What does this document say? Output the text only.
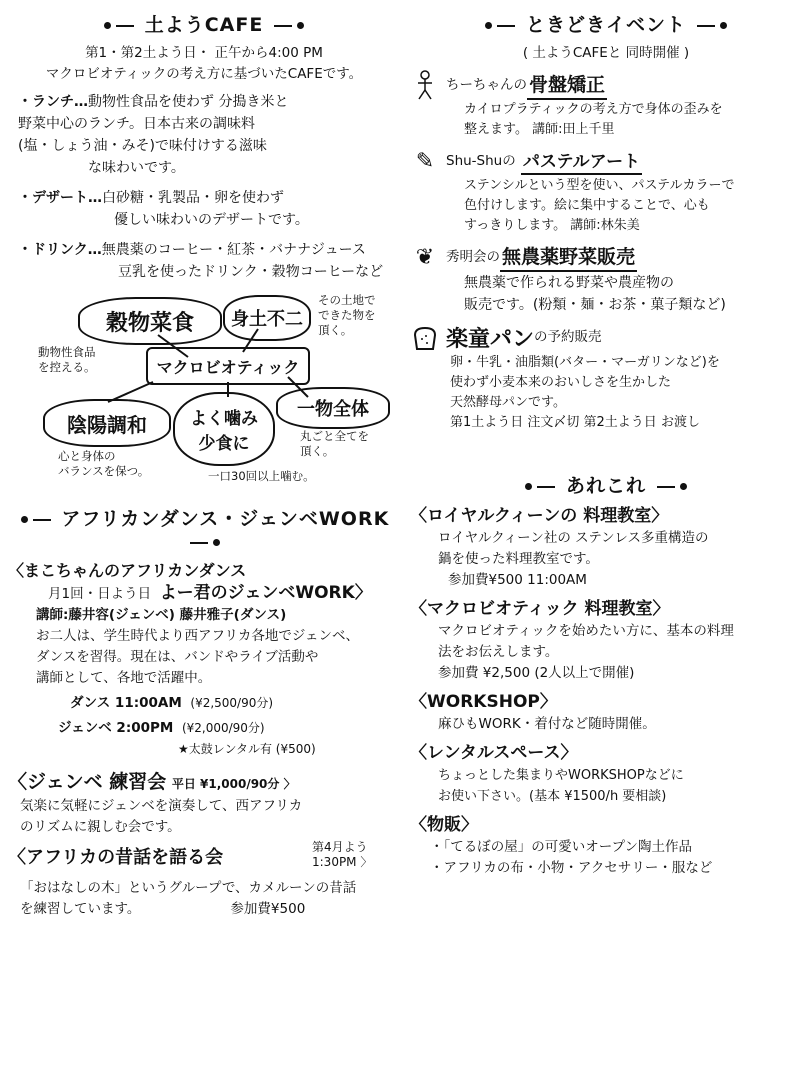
土ようCAFE
第1・第2土よう日・ 正午から4:00 PM
マクロビオティックの考え方に基づいたCAFEです。
・ランチ…動物性食品を使わず 分搗き米と
野菜中心のランチ。日本古来の調味料
(塩・しょう油・みそ)で味付けする滋味
な味わいです。
・デザート…白砂糖・乳製品・卵を使わず
優しい味わいのデザートです。
・ドリンク…無農薬のコーヒー・紅茶・バナナジュース
豆乳を使ったドリンク・穀物コーヒーなど
穀物菜食	身土不二
マクロビオティック
陰陽調和	よく噛み
少食に
一物全体
動物性食品
を控える。
その土地で
できた物を
頂く。
心と身体の
バランスを保つ。	一口30回以上噛む。
丸ごと全てを
頂く。
アフリカンダンス・ジェンベWORK
〈まこちゃんのアフリカンダンス
月1回・日よう日 よー君のジェンベWORK〉
講師:藤井容(ジェンベ) 藤井雅子(ダンス)
お二人は、学生時代より西アフリカ各地でジェンベ、
ダンスを習得。現在は、バンドやライブ活動や
講師として、各地で活躍中。
ダンス 11:00AM (¥2,500/90分)
ジェンベ 2:00PM (¥2,000/90分)
★太鼓レンタル有 (¥500)
〈ジェンベ 練習会 平日 ¥1,000/90分 〉
気楽に気軽にジェンベを演奏して、西アフリカ
のリズムに親しむ会です。
〈アフリカの昔話を語る会	第4月よう
1:30PM 〉
「おはなしの木」というグループで、カメルーンの昔話
を練習しています。	参加費¥500
ときどきイベント
( 土ようCAFEと 同時開催 )
ちーちゃんの 骨盤矯正
カイロプラティックの考え方で身体の歪みを
整えます。 講師:田上千里
✎ Shu-Shuの
パステルアート
ステンシルという型を使い、パステルカラーで
色付けします。絵に集中することで、心も
すっきりします。 講師:林朱美
❦ 秀明会の 無農薬野菜販売
無農薬で作られる野菜や農産物の
販売です。(粉類・麺・お茶・菓子類など)
楽童パン の予約販売
卵・牛乳・油脂類(バター・マーガリンなど)を
使わず小麦本来のおいしさを生かした
天然酵母パンです。
第1土よう日 注文〆切 第2土よう日 お渡し
あれこれ
〈ロイヤルクィーンの 料理教室〉
ロイヤルクィーン社の ステンレス多重構造の
鍋を使った料理教室です。
参加費¥500 11:00AM
〈マクロビオティック 料理教室〉
マクロビオティックを始めたい方に、基本の料理
法をお伝えします。
参加費 ¥2,500 (2人以上で開催)
〈WORKSHOP〉
麻ひもWORK・着付など随時開催。
〈レンタルスペース〉
ちょっとした集まりやWORKSHOPなどに
お使い下さい。(基本 ¥1500/h 要相談)
〈物販〉
・「てるぼの屋」の可愛いオープン陶土作品
・アフリカの布・小物・アクセサリー・服など
